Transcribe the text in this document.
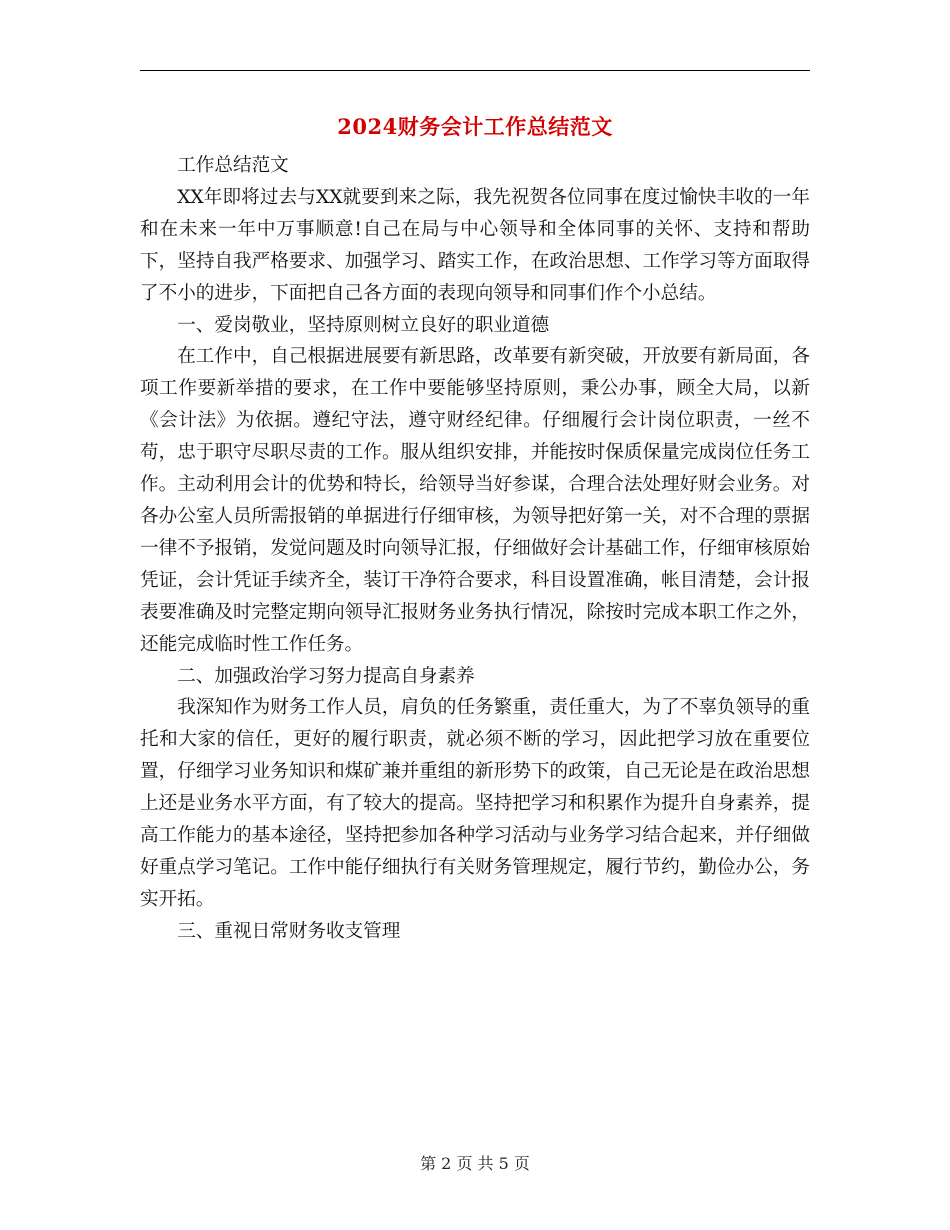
2024财务会计工作总结范文

工作总结范文

XX年即将过去与XX就要到来之际，我先祝贺各位同事在度过愉快丰收的一年和在未来一年中万事顺意!自己在局与中心领导和全体同事的关怀、支持和帮助下，坚持自我严格要求、加强学习、踏实工作，在政治思想、工作学习等方面取得了不小的进步，下面把自己各方面的表现向领导和同事们作个小总结。

一、爱岗敬业，坚持原则树立良好的职业道德

在工作中，自己根据进展要有新思路，改革要有新突破，开放要有新局面，各项工作要新举措的要求，在工作中要能够坚持原则，秉公办事，顾全大局，以新《会计法》为依据。遵纪守法，遵守财经纪律。仔细履行会计岗位职责，一丝不苟，忠于职守尽职尽责的工作。服从组织安排，并能按时保质保量完成岗位任务工作。主动利用会计的优势和特长，给领导当好参谋，合理合法处理好财会业务。对各办公室人员所需报销的单据进行仔细审核，为领导把好第一关，对不合理的票据一律不予报销，发觉问题及时向领导汇报，仔细做好会计基础工作，仔细审核原始凭证，会计凭证手续齐全，装订干净符合要求，科目设置准确，帐目清楚，会计报表要准确及时完整定期向领导汇报财务业务执行情况，除按时完成本职工作之外，还能完成临时性工作任务。

二、加强政治学习努力提高自身素养

我深知作为财务工作人员，肩负的任务繁重，责任重大，为了不辜负领导的重托和大家的信任，更好的履行职责，就必须不断的学习，因此把学习放在重要位置，仔细学习业务知识和煤矿兼并重组的新形势下的政策，自己无论是在政治思想上还是业务水平方面，有了较大的提高。坚持把学习和积累作为提升自身素养，提高工作能力的基本途径，坚持把参加各种学习活动与业务学习结合起来，并仔细做好重点学习笔记。工作中能仔细执行有关财务管理规定，履行节约，勤俭办公，务实开拓。

三、重视日常财务收支管理

第 2 页 共 5 页
